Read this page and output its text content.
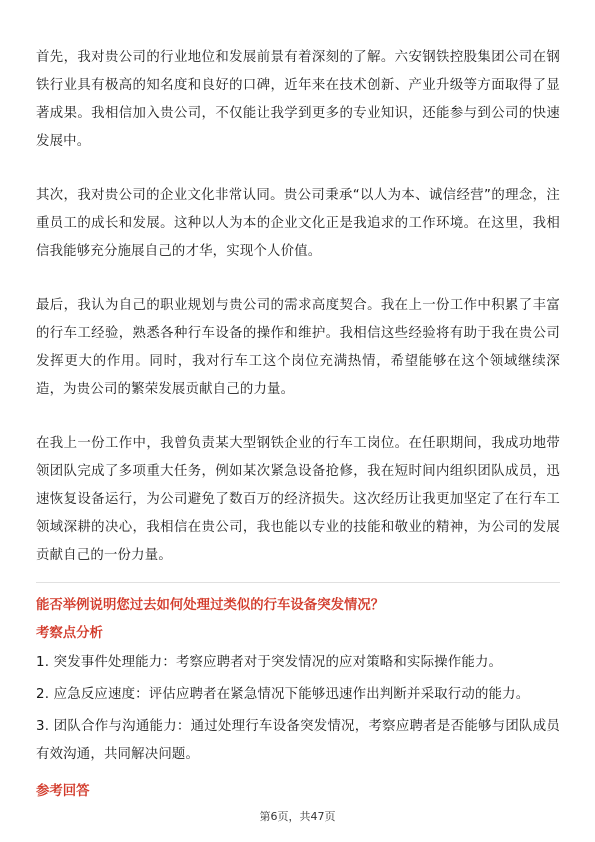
首先，我对贵公司的行业地位和发展前景有着深刻的了解。六安钢铁控股集团公司在钢铁行业具有极高的知名度和良好的口碑，近年来在技术创新、产业升级等方面取得了显著成果。我相信加入贵公司，不仅能让我学到更多的专业知识，还能参与到公司的快速发展中。

其次，我对贵公司的企业文化非常认同。贵公司秉承“以人为本、诚信经营”的理念，注重员工的成长和发展。这种以人为本的企业文化正是我追求的工作环境。在这里，我相信我能够充分施展自己的才华，实现个人价值。

最后，我认为自己的职业规划与贵公司的需求高度契合。我在上一份工作中积累了丰富的行车工经验，熟悉各种行车设备的操作和维护。我相信这些经验将有助于我在贵公司发挥更大的作用。同时，我对行车工这个岗位充满热情，希望能够在这个领域继续深造，为贵公司的繁荣发展贡献自己的力量。

在我上一份工作中，我曾负责某大型钢铁企业的行车工岗位。在任职期间，我成功地带领团队完成了多项重大任务，例如某次紧急设备抢修，我在短时间内组织团队成员，迅速恢复设备运行，为公司避免了数百万的经济损失。这次经历让我更加坚定了在行车工领域深耕的决心，我相信在贵公司，我也能以专业的技能和敬业的精神，为公司的发展贡献自己的一份力量。

能否举例说明您过去如何处理过类似的行车设备突发情况？
考察点分析
1. 突发事件处理能力：考察应聘者对于突发情况的应对策略和实际操作能力。
2. 应急反应速度：评估应聘者在紧急情况下能够迅速作出判断并采取行动的能力。
3. 团队合作与沟通能力：通过处理行车设备突发情况，考察应聘者是否能够与团队成员有效沟通，共同解决问题。
参考回答
第6页，共47页
